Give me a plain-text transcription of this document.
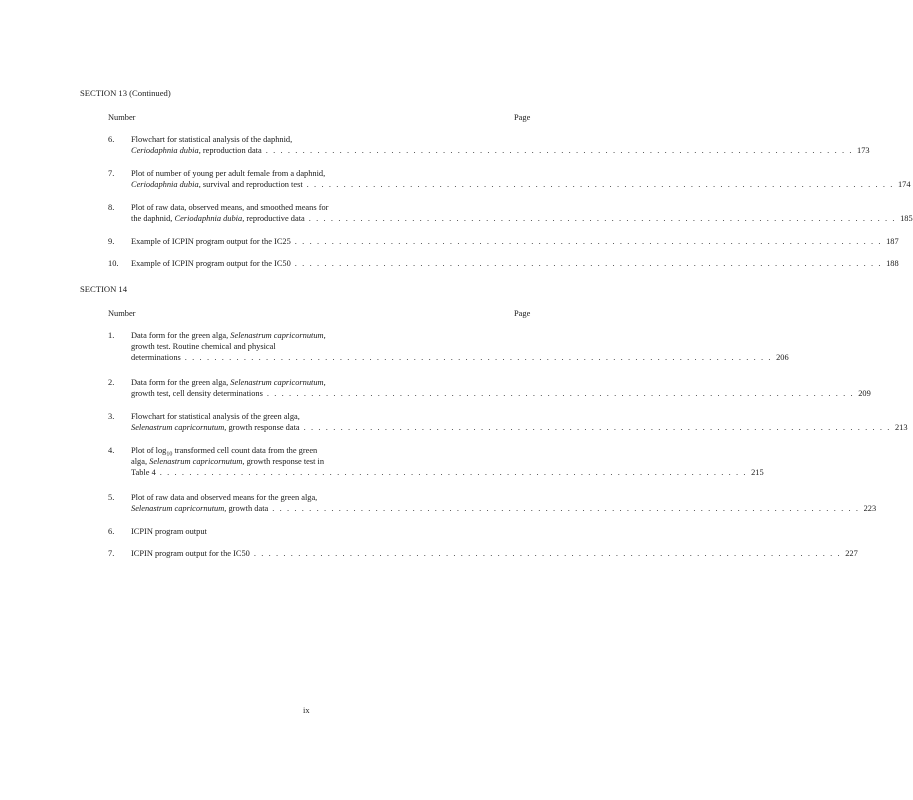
SECTION 13 (Continued)
Number	Page
6.	Flowchart for statistical analysis of the daphnid,
Ceriodaphnia dubia, reproduction data . . . . . . . . . . . . . . . . . . . . . . . . . . . . . . . . . . . . . . . . . . . . . . . . . . . . . . . . . . . . . . . . . . . . . . . . . . . . . . . . 173
7.	Plot of number of young per adult female from a daphnid,
Ceriodaphnia dubia, survival and reproduction test . . . . . . . . . . . . . . . . . . . . . . . . . . . . . . . . . . . . . . . . . . . . . . . . . . . . . . . . . . . . . . . . . . . . . . . . . . . . . . . . 174
8.	Plot of raw data, observed means, and smoothed means for
the daphnid, Ceriodaphnia dubia, reproductive data . . . . . . . . . . . . . . . . . . . . . . . . . . . . . . . . . . . . . . . . . . . . . . . . . . . . . . . . . . . . . . . . . . . . . . . . . . . . . . . . 185
9.	Example of ICPIN program output for the IC25 . . . . . . . . . . . . . . . . . . . . . . . . . . . . . . . . . . . . . . . . . . . . . . . . . . . . . . . . . . . . . . . . . . . . . . . . . . . . . . . . 187
10.	Example of ICPIN program output for the IC50 . . . . . . . . . . . . . . . . . . . . . . . . . . . . . . . . . . . . . . . . . . . . . . . . . . . . . . . . . . . . . . . . . . . . . . . . . . . . . . . . 188
SECTION 14
Number	Page
1.	Data form for the green alga, Selenastrum capricornutum,
growth test. Routine chemical and physical
determinations . . . . . . . . . . . . . . . . . . . . . . . . . . . . . . . . . . . . . . . . . . . . . . . . . . . . . . . . . . . . . . . . . . . . . . . . . . . . . . . . 206
2.	Data form for the green alga, Selenastrum capricornutum,
growth test, cell density determinations . . . . . . . . . . . . . . . . . . . . . . . . . . . . . . . . . . . . . . . . . . . . . . . . . . . . . . . . . . . . . . . . . . . . . . . . . . . . . . . . 209
3.	Flowchart for statistical analysis of the green alga,
Selenastrum capricornutum, growth response data . . . . . . . . . . . . . . . . . . . . . . . . . . . . . . . . . . . . . . . . . . . . . . . . . . . . . . . . . . . . . . . . . . . . . . . . . . . . . . . . 213
4.	Plot of $\log_{10}$ transformed cell count data from the green
alga, Selenastrum capricornutum, growth response test in
Table 4 . . . . . . . . . . . . . . . . . . . . . . . . . . . . . . . . . . . . . . . . . . . . . . . . . . . . . . . . . . . . . . . . . . . . . . . . . . . . . . . . 215
5.	Plot of raw data and observed means for the green alga,
Selenastrum capricornutum, growth data . . . . . . . . . . . . . . . . . . . . . . . . . . . . . . . . . . . . . . . . . . . . . . . . . . . . . . . . . . . . . . . . . . . . . . . . . . . . . . . . 223
6.	ICPIN program output
7.	ICPIN program output for the IC50 . . . . . . . . . . . . . . . . . . . . . . . . . . . . . . . . . . . . . . . . . . . . . . . . . . . . . . . . . . . . . . . . . . . . . . . . . . . . . . . . 227
ix
